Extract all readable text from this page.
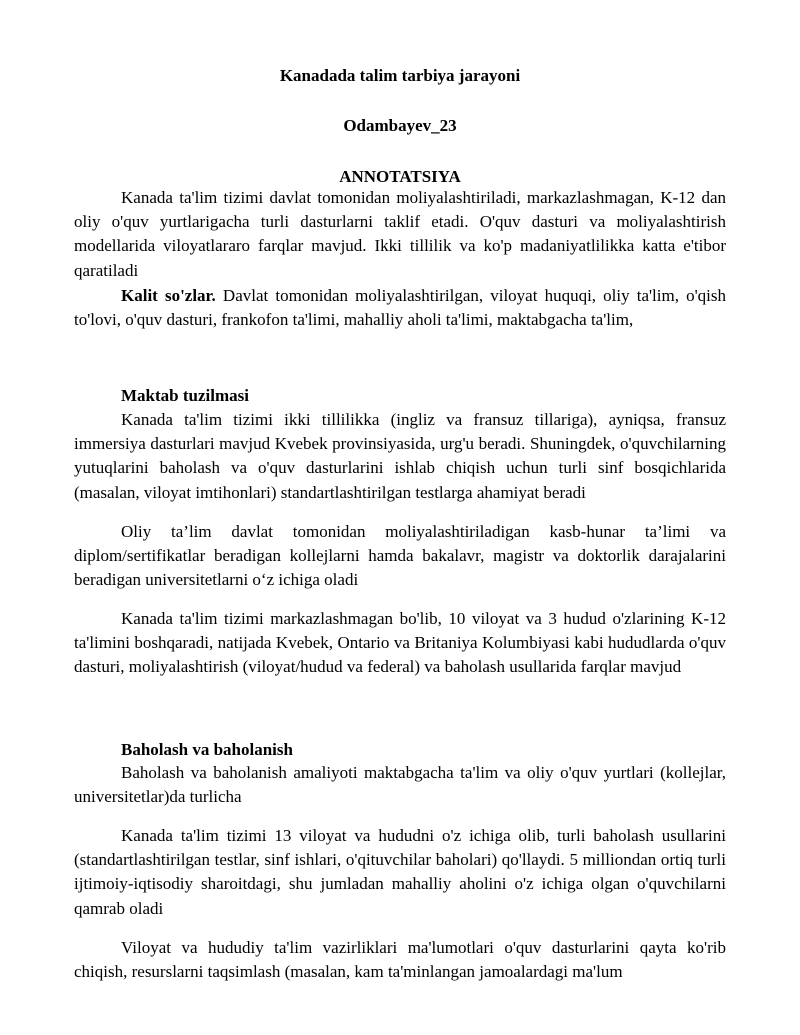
Kanadada talim tarbiya jarayoni

Odambayev_23

ANNOTATSIYA

Kanada ta'lim tizimi davlat tomonidan moliyalashtiriladi, markazlashmagan, K-12 dan oliy o'quv yurtlarigacha turli dasturlarni taklif etadi. O'quv dasturi va moliyalashtirish modellarida viloyatlararo farqlar mavjud. Ikki tillilik va ko'p madaniyatlilikka katta e'tibor qaratiladi

Kalit so'zlar. Davlat tomonidan moliyalashtirilgan, viloyat huquqi, oliy ta'lim, o'qish to'lovi, o'quv dasturi, frankofon ta'limi, mahalliy aholi ta'limi, maktabgacha ta'lim,

Maktab tuzilmasi

Kanada ta'lim tizimi ikki tillilikka (ingliz va fransuz tillariga), ayniqsa, fransuz immersiya dasturlari mavjud Kvebek provinsiyasida, urg'u beradi. Shuningdek, o'quvchilarning yutuqlarini baholash va o'quv dasturlarini ishlab chiqish uchun turli sinf bosqichlarida (masalan, viloyat imtihonlari) standartlashtirilgan testlarga ahamiyat beradi

Oliy ta’lim davlat tomonidan moliyalashtiriladigan kasb-hunar ta’limi va diplom/sertifikatlar beradigan kollejlarni hamda bakalavr, magistr va doktorlik darajalarini beradigan universitetlarni o‘z ichiga oladi

Kanada ta'lim tizimi markazlashmagan bo'lib, 10 viloyat va 3 hudud o'zlarining K-12 ta'limini boshqaradi, natijada Kvebek, Ontario va Britaniya Kolumbiyasi kabi hududlarda o'quv dasturi, moliyalashtirish (viloyat/hudud va federal) va baholash usullarida farqlar mavjud

Baholash va baholanish

Baholash va baholanish amaliyoti maktabgacha ta'lim va oliy o'quv yurtlari (kollejlar, universitetlar)da turlicha

Kanada ta'lim tizimi 13 viloyat va hududni o'z ichiga olib, turli baholash usullarini (standartlashtirilgan testlar, sinf ishlari, o'qituvchilar baholari) qo'llaydi. 5 milliondan ortiq turli ijtimoiy-iqtisodiy sharoitdagi, shu jumladan mahalliy aholini o'z ichiga olgan o'quvchilarni qamrab oladi

Viloyat va hududiy ta'lim vazirliklari ma'lumotlari o'quv dasturlarini qayta ko'rib chiqish, resurslarni taqsimlash (masalan, kam ta'minlangan jamoalardagi ma'lum
